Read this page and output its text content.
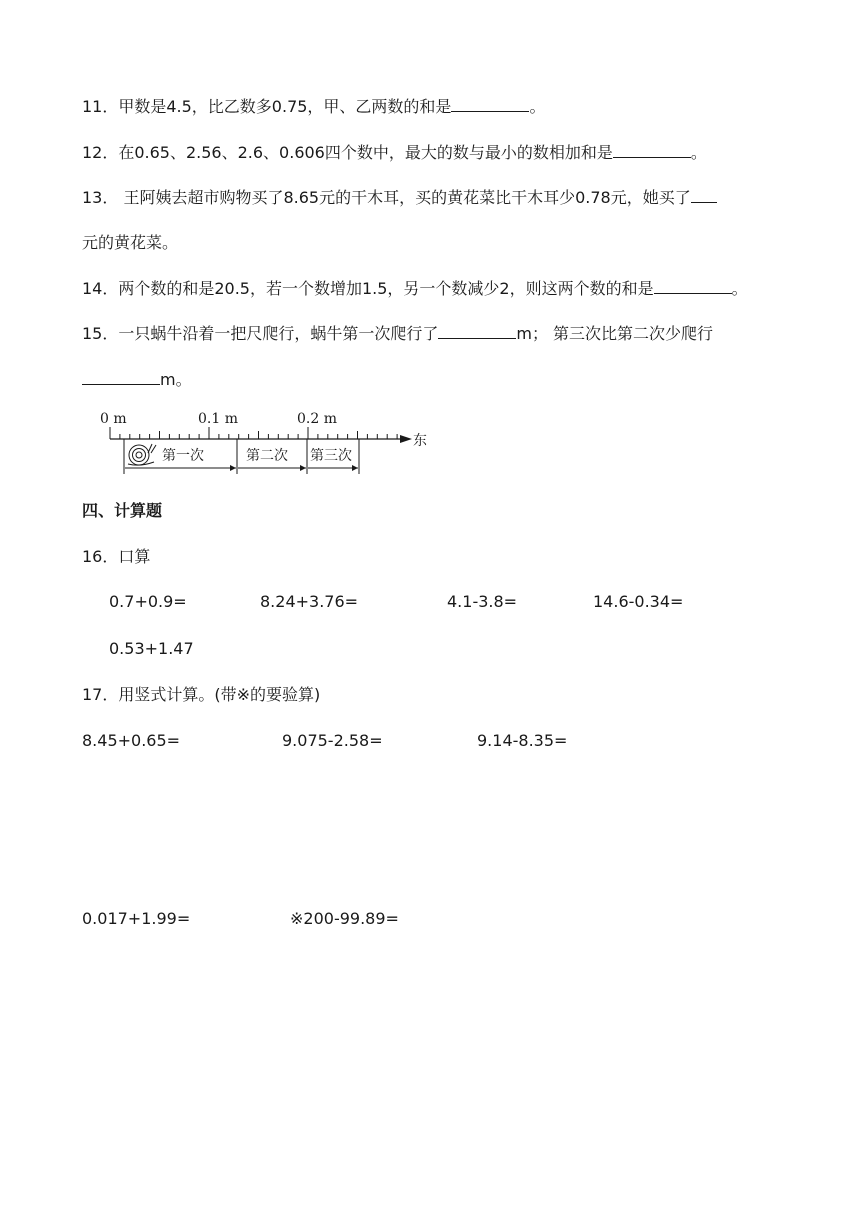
11．甲数是4.5，比乙数多0.75，甲、乙两数的和是	。
12．在0.65、2.56、2.6、0.606四个数中，最大的数与最小的数相加和是	。
13． 王阿姨去超市购物买了8.65元的干木耳，买的黄花菜比干木耳少0.78元，她买了
元的黄花菜。
14．两个数的和是20.5，若一个数增加1.5，另一个数减少2，则这两个数的和是	。
15．一只蜗牛沿着一把尺爬行，蜗牛第一次爬行了	m； 第三次比第二次少爬行
m。
0 m	0.1 m	0.2 m
东
第一次	第二次 第三次
四、计算题
16．口算
0.7+0.9=	8.24+3.76=	4.1-3.8=	14.6-0.34=
0.53+1.47
17．用竖式计算。(带※的要验算)
8.45+0.65=	9.075-2.58=	9.14-8.35=
0.017+1.99=	※200-99.89=
